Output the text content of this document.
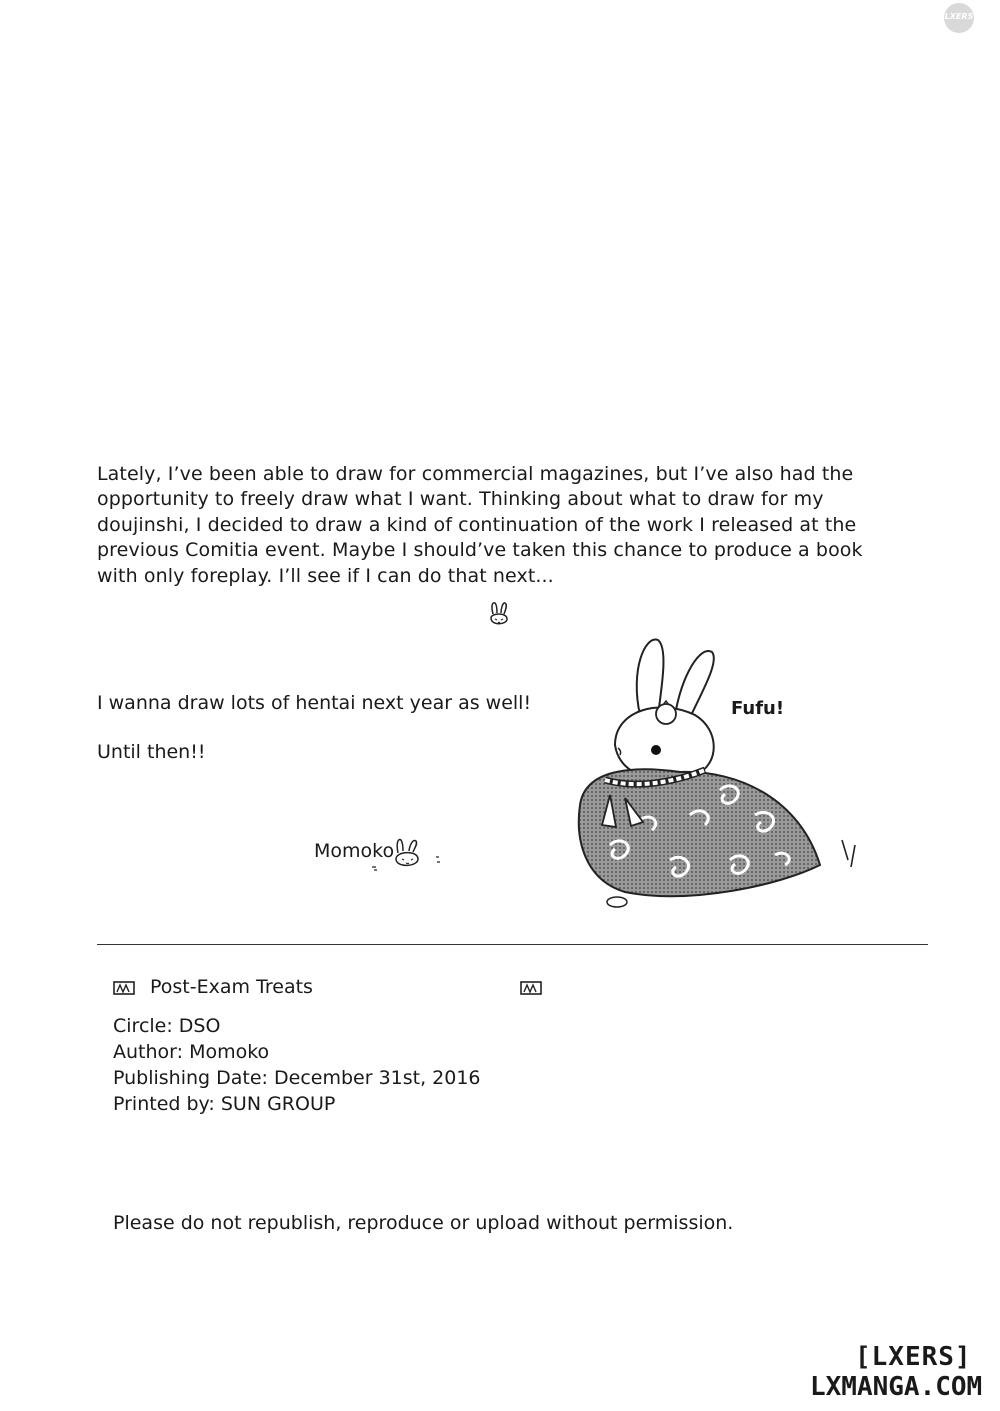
LXERS
Lately, I’ve been able to draw for commercial magazines, but I’ve also had the
opportunity to freely draw what I want. Thinking about what to draw for my
doujinshi, I decided to draw a kind of continuation of the work I released at the
previous Comitia event. Maybe I should’ve taken this chance to produce a book
with only foreplay. I’ll see if I can do that next...
I wanna draw lots of hentai next year as well!
Until then!!
Momoko
Fufu!
Post-Exam Treats
Circle: DSO
Author: Momoko
Publishing Date: December 31st, 2016
Printed by: SUN GROUP
Please do not republish, reproduce or upload without permission.
[LXERS]
LXMANGA.COM
